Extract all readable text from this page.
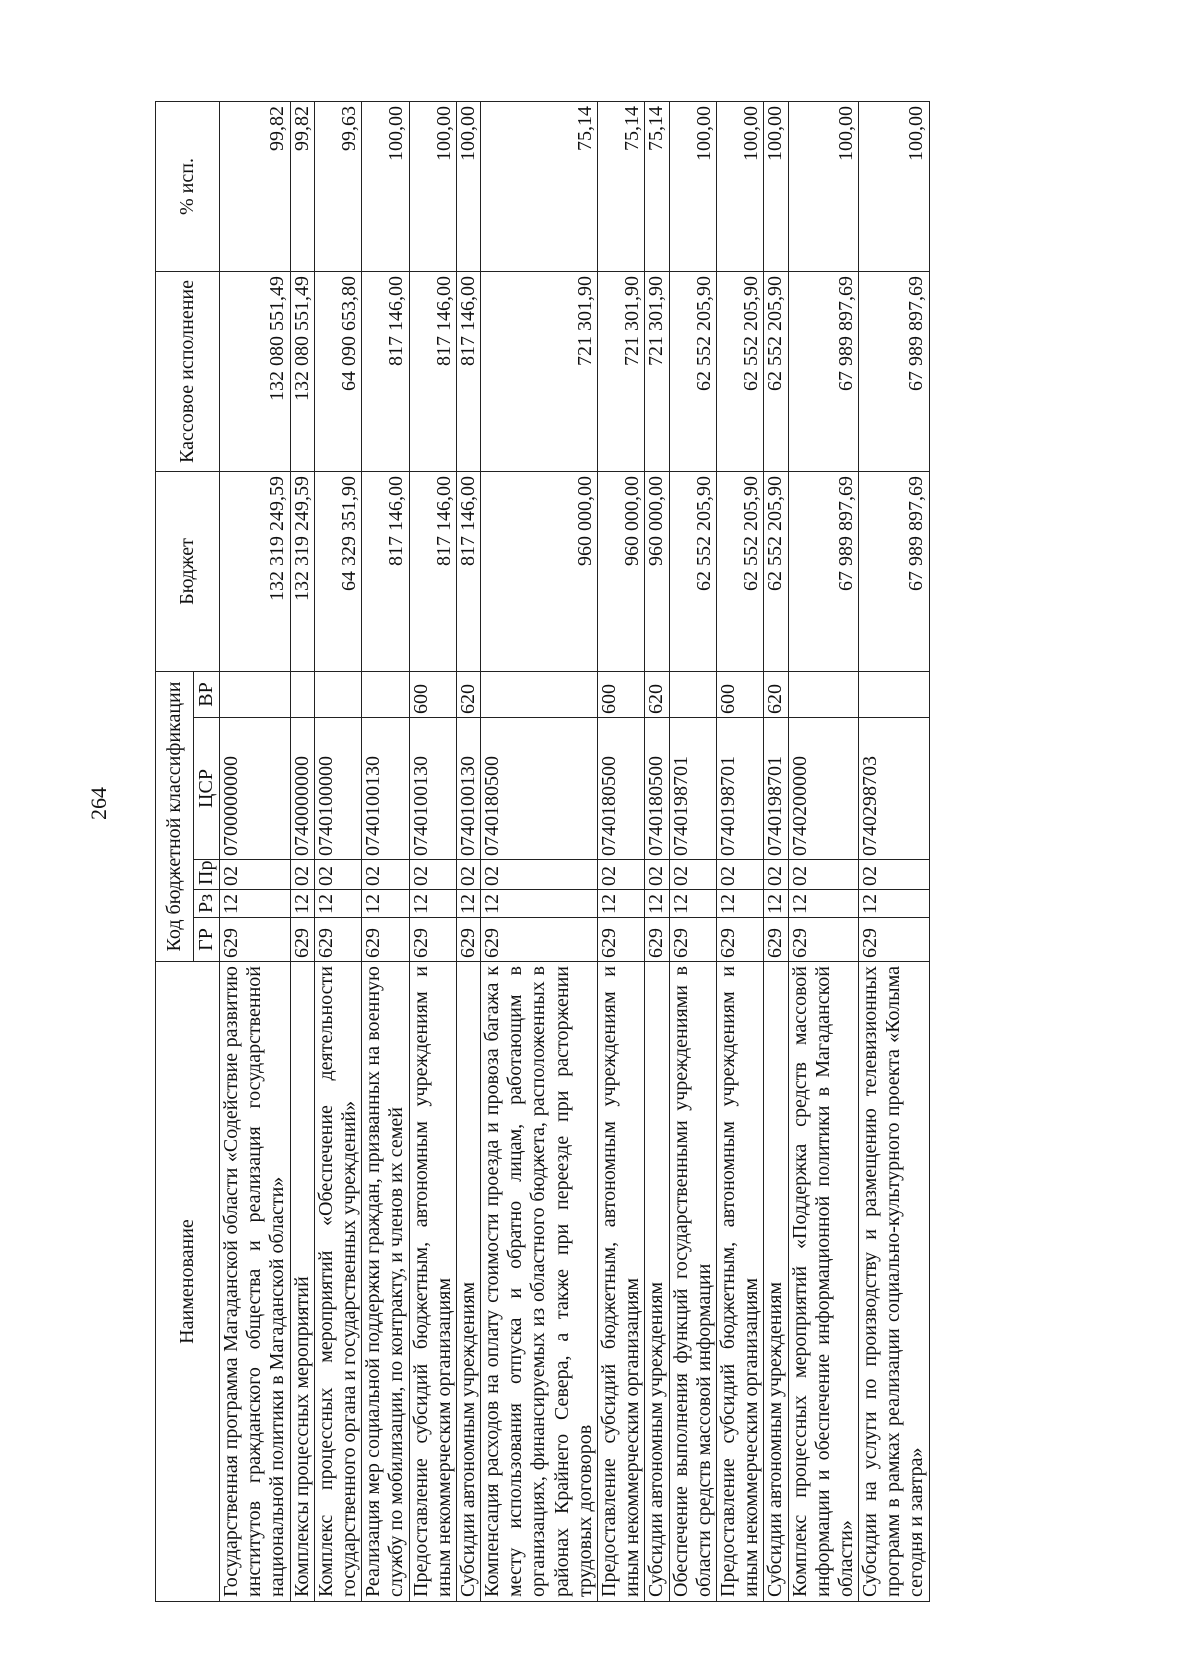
264
Наименование	Код бюджетной классификации					Бюджет	Кассовое исполнение	% исп.
	ГР	Рз	Пр	ЦСР	ВР			
Государственная программа Магаданской области «Содействие развитию институтов гражданского общества и реализация государственной национальной политики в Магаданской области»	629	12	02	0700000000		132 319 249,59	132 080 551,49	99,82
Комплексы процессных мероприятий	629	12	02	0740000000		132 319 249,59	132 080 551,49	99,82
Комплекс процессных мероприятий «Обеспечение деятельности государственного органа и государственных учреждений»	629	12	02	0740100000		64 329 351,90	64 090 653,80	99,63
Реализация мер социальной поддержки граждан, призванных на военную службу по мобилизации, по контракту, и членов их семей	629	12	02	0740100130		817 146,00	817 146,00	100,00
Предоставление субсидий бюджетным, автономным учреждениям и иным некоммерческим организациям	629	12	02	0740100130	600	817 146,00	817 146,00	100,00
Субсидии автономным учреждениям	629	12	02	0740100130	620	817 146,00	817 146,00	100,00
Компенсация расходов на оплату стоимости проезда и провоза багажа к месту использования отпуска и обратно лицам, работающим в организациях, финансируемых из областного бюджета, расположенных в районах Крайнего Севера, а также при переезде при расторжении трудовых договоров	629	12	02	0740180500		960 000,00	721 301,90	75,14
Предоставление субсидий бюджетным, автономным учреждениям и иным некоммерческим организациям	629	12	02	0740180500	600	960 000,00	721 301,90	75,14
Субсидии автономным учреждениям	629	12	02	0740180500	620	960 000,00	721 301,90	75,14
Обеспечение выполнения функций государственными учреждениями в области средств массовой информации	629	12	02	0740198701		62 552 205,90	62 552 205,90	100,00
Предоставление субсидий бюджетным, автономным учреждениям и иным некоммерческим организациям	629	12	02	0740198701	600	62 552 205,90	62 552 205,90	100,00
Субсидии автономным учреждениям	629	12	02	0740198701	620	62 552 205,90	62 552 205,90	100,00
Комплекс процессных мероприятий «Поддержка средств массовой информации и обеспечение информационной политики в Магаданской области»	629	12	02	0740200000		67 989 897,69	67 989 897,69	100,00
Субсидии на услуги по производству и размещению телевизионных программ в рамках реализации социально-культурного проекта «Колыма сегодня и завтра»	629	12	02	0740298703		67 989 897,69	67 989 897,69	100,00
